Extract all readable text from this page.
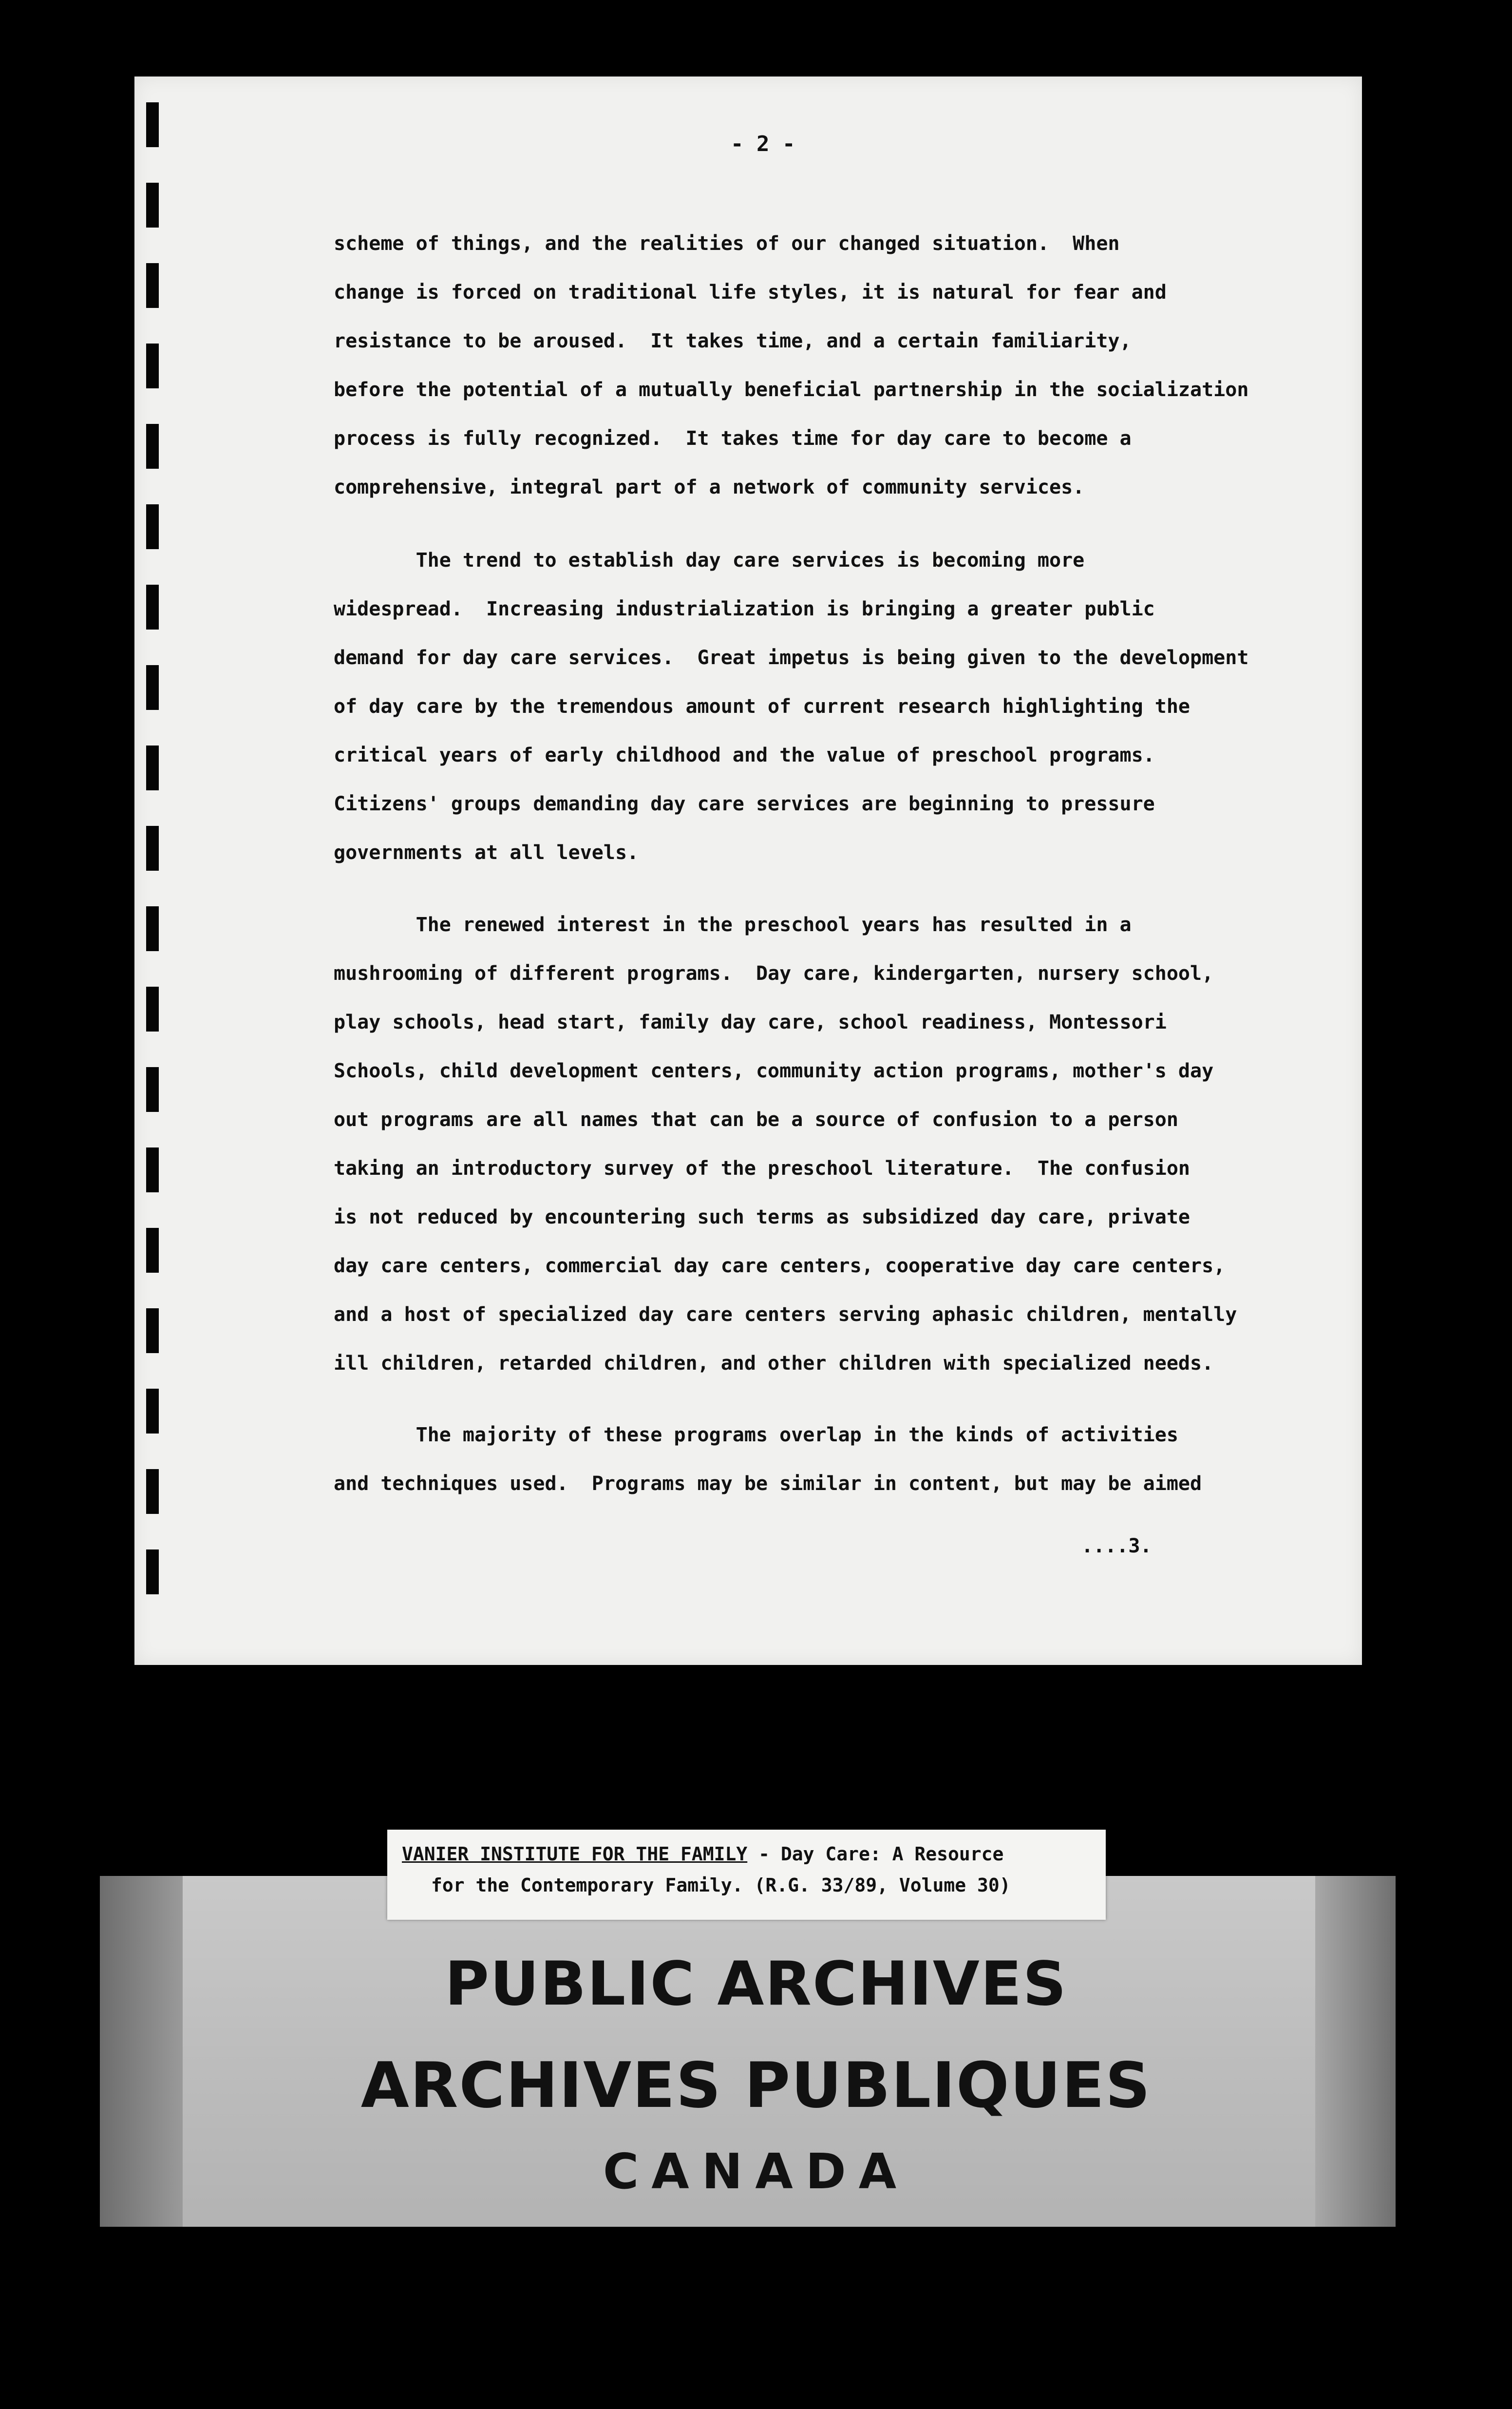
- 2 -
scheme of things, and the realities of our changed situation.  When
change is forced on traditional life styles, it is natural for fear and
resistance to be aroused.  It takes time, and a certain familiarity,
before the potential of a mutually beneficial partnership in the socialization
process is fully recognized.  It takes time for day care to become a
comprehensive, integral part of a network of community services.
The trend to establish day care services is becoming more
widespread.  Increasing industrialization is bringing a greater public
demand for day care services.  Great impetus is being given to the development
of day care by the tremendous amount of current research highlighting the
critical years of early childhood and the value of preschool programs.
Citizens' groups demanding day care services are beginning to pressure
governments at all levels.
The renewed interest in the preschool years has resulted in a
mushrooming of different programs.  Day care, kindergarten, nursery school,
play schools, head start, family day care, school readiness, Montessori
Schools, child development centers, community action programs, mother's day
out programs are all names that can be a source of confusion to a person
taking an introductory survey of the preschool literature.  The confusion
is not reduced by encountering such terms as subsidized day care, private
day care centers, commercial day care centers, cooperative day care centers,
and a host of specialized day care centers serving aphasic children, mentally
ill children, retarded children, and other children with specialized needs.
The majority of these programs overlap in the kinds of activities
and techniques used.  Programs may be similar in content, but may be aimed
....3.
VANIER INSTITUTE FOR THE FAMILY - Day Care: A Resource
for the Contemporary Family. (R.G. 33/89, Volume 30)
PUBLIC ARCHIVES
ARCHIVES PUBLIQUES
CANADA
